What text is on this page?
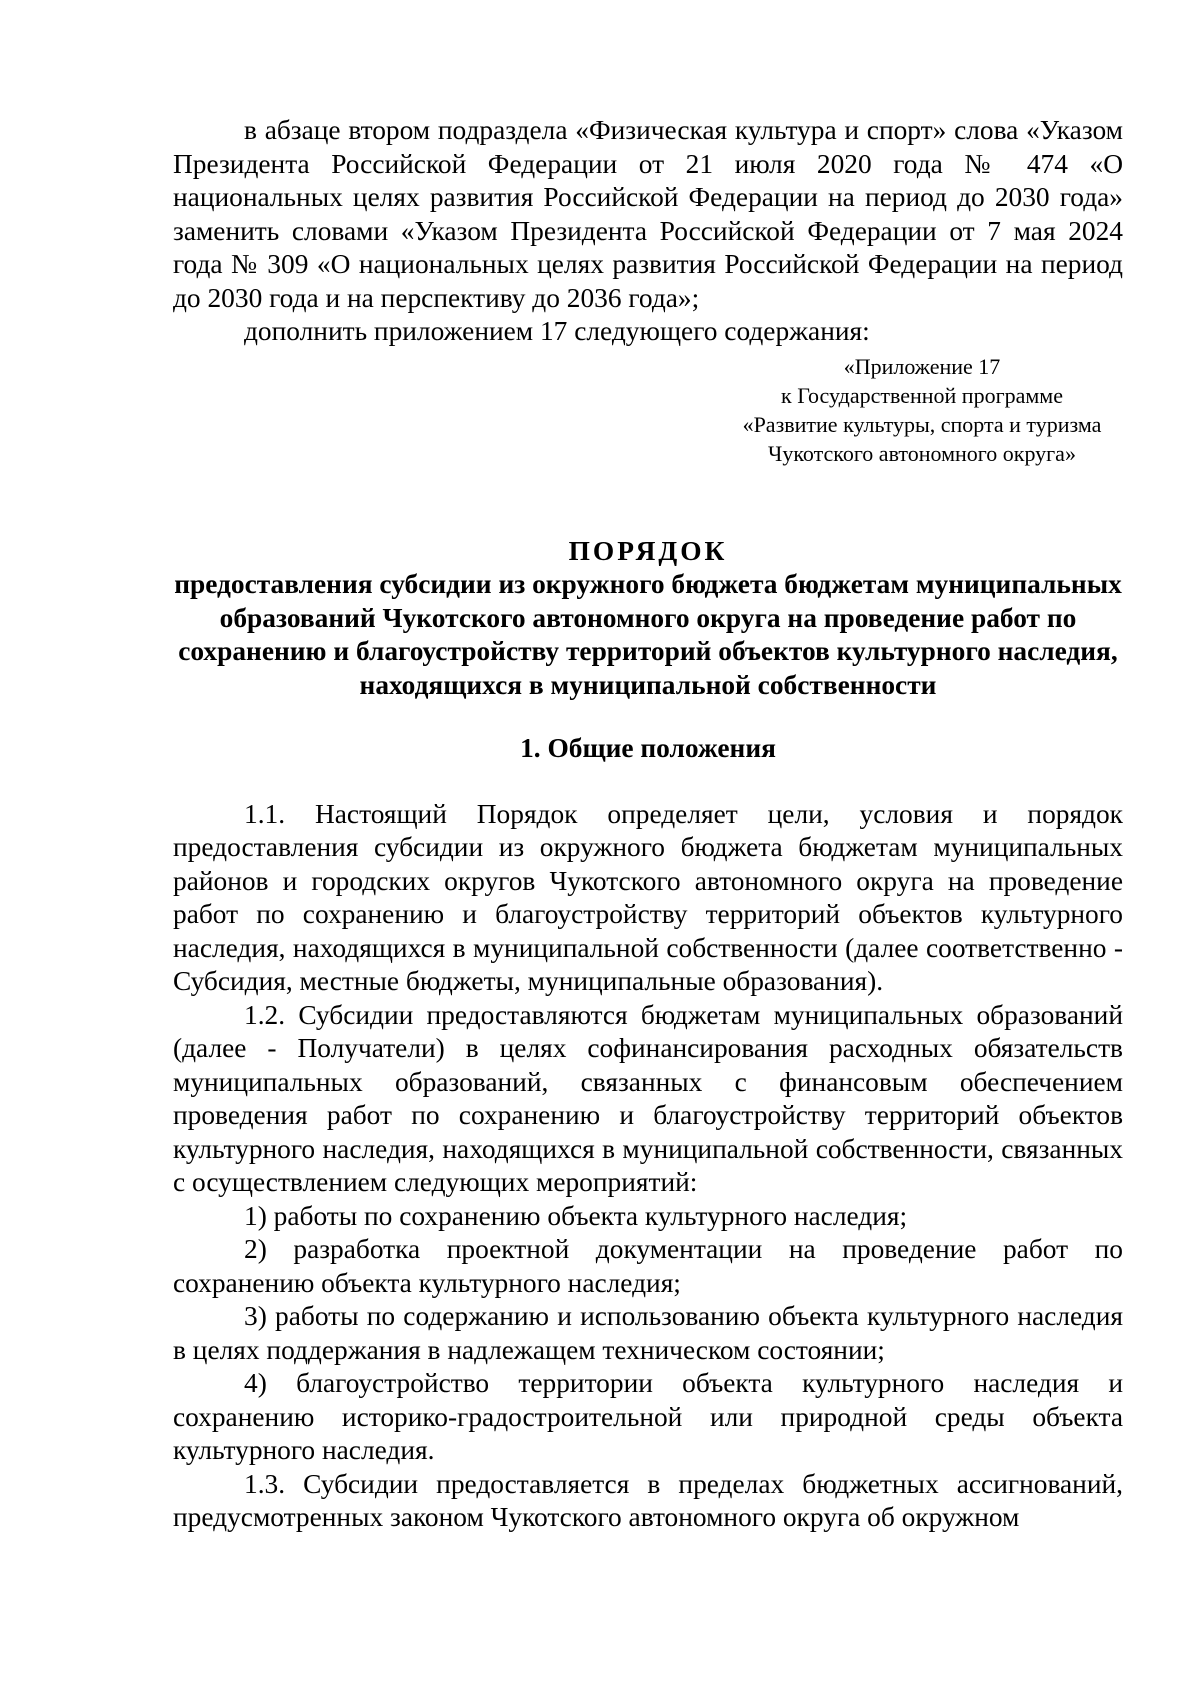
в абзаце втором подраздела «Физическая культура и спорт» слова «Указом Президента Российской Федерации от 21 июля 2020 года № 474 «О национальных целях развития Российской Федерации на период до 2030 года» заменить словами «Указом Президента Российской Федерации от 7 мая 2024 года № 309 «О национальных целях развития Российской Федерации на период до 2030 года и на перспективу до 2036 года»;

дополнить приложением 17 следующего содержания:

«Приложение 17
к Государственной программе
«Развитие культуры, спорта и туризма
Чукотского автономного округа»
ПОРЯДОК
предоставления субсидии из окружного бюджета бюджетам муниципальных образований Чукотского автономного округа на проведение работ по сохранению и благоустройству территорий объектов культурного наследия, находящихся в муниципальной собственности
1. Общие положения

1.1. Настоящий Порядок определяет цели, условия и порядок предоставления субсидии из окружного бюджета бюджетам муниципальных районов и городских округов Чукотского автономного округа на проведение работ по сохранению и благоустройству территорий объектов культурного наследия, находящихся в муниципальной собственности (далее соответственно - Субсидия, местные бюджеты, муниципальные образования).

1.2. Субсидии предоставляются бюджетам муниципальных образований (далее - Получатели) в целях софинансирования расходных обязательств муниципальных образований, связанных с финансовым обеспечением проведения работ по сохранению и благоустройству территорий объектов культурного наследия, находящихся в муниципальной собственности, связанных с осуществлением следующих мероприятий:

1) работы по сохранению объекта культурного наследия;

2) разработка проектной документации на проведение работ по сохранению объекта культурного наследия;

3) работы по содержанию и использованию объекта культурного наследия в целях поддержания в надлежащем техническом состоянии;

4) благоустройство территории объекта культурного наследия и сохранению историко-градостроительной или природной среды объекта культурного наследия.

1.3. Субсидии предоставляется в пределах бюджетных ассигнований, предусмотренных законом Чукотского автономного округа об окружном
